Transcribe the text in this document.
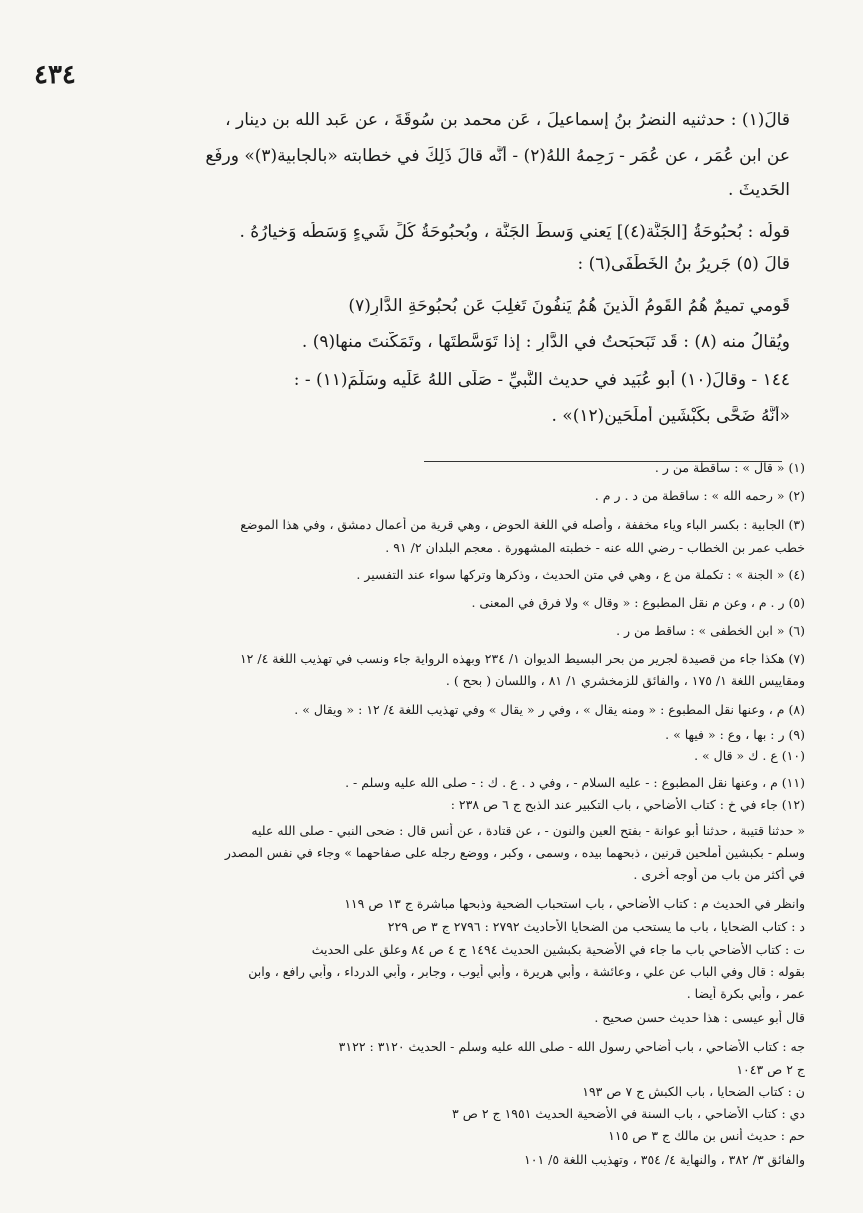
٤٣٤
قالَ(١) : حدثنيه النضرُ بنُ إسماعيلَ ، عَن محمد بن سُوقَةَ ، عن عَبد الله بن دينار ،
عن ابن عُمَر ، عن عُمَر - رَحِمهُ اللهُ(٢) - أَنَّه قالَ ذَلِكَ في خطابته «بالجابية(٣)» ورفَع
الحَديثَ .
قولُه : بُحبُوحَةُ [الجَنَّة(٤)] يَعني وَسطَ الجَنَّة ، وبُحبُوحَةُ كُلِّ شَيءٍ وَسَطُه وَخيارُهُ .
قالَ (٥) جَريرُ بنُ الخَطَفَى(٦) :
قَومي تميمٌ هُمُ القَومُ الَّذينَ هُمُ يَنفُونَ تَغلِبَ عَن بُحبُوحَةِ الدَّارِ(٧)
ويُقالُ منه (٨) : قَد تَبَحبَحتُ في الدَّارِ : إذا تَوَسَّطتَها ، وتَمَكَّنتَ منها(٩) .
١٤٤ - وقالَ(١٠) أبو عُبَيد في حديث النَّبيِّ - صَلَّى اللهُ عَلَيه وسَلَّمَ(١١) - :
«أَنَّهُ ضَحَّى بكَبْشَين أملَحَين(١٢)» .
(١) « قال » : ساقطة من ر .
(٢) « رحمه الله » : ساقطة من د . ر م .
(٣) الجابية : بكسر الباء وياء مخففة ، وأصله في اللغة الحوض ، وهي قرية من أعمال دمشق ، وفي هذا الموضع
خطب عمر بن الخطاب - رضي الله عنه - خطبته المشهورة . معجم البلدان ٢/ ٩١ .
(٤) « الجنة » : تكملة من ع ، وهي في متن الحديث ، وذكرها وتركها سواء عند التفسير .
(٥) ر . م ، وعن م نقل المطبوع : « وقال » ولا فرق في المعنى .
(٦) « ابن الخطفى » : ساقط من ر .
(٧) هكذا جاء من قصيدة لجرير من بحر البسيط الديوان ١/ ٢٣٤ وبهذه الرواية جاء ونسب في تهذيب اللغة ٤/ ١٢
ومقاييس اللغة ١/ ١٧٥ ، والفائق للزمخشري ١/ ٨١ ، واللسان ( بحح ) .
(٨) م ، وعنها نقل المطبوع : « ومنه يقال » ، وفي ر « يقال » وفي تهذيب اللغة ٤/ ١٢ : « ويقال » .
(٩) ر : بها ، وع : « فيها » .
(١٠) ع . ك « قال » .
(١١) م ، وعنها نقل المطبوع : - عليه السلام - ، وفي د . ع . ك : - صلى الله عليه وسلم - .
(١٢) جاء في خ : كتاب الأضاحي ، باب التكبير عند الذبح ج ٦ ص ٢٣٨ :
« حدثنا قتيبة ، حدثنا أبو عوانة - بفتح العين والنون - ، عن قتادة ، عن أنس قال : ضحى النبي - صلى الله عليه
وسلم - بكبشين أملحين قرنين ، ذبحهما بيده ، وسمى ، وكبر ، ووضع رجله على صفاحهما » وجاء في نفس المصدر
في أكثر من باب من أوجه أخرى .
وانظر في الحديث م : كتاب الأضاحي ، باب استحباب الضحية وذبحها مباشرة ج ١٣ ص ١١٩
د : كتاب الضحايا ، باب ما يستحب من الضحايا الأحاديث ٢٧٩٢ : ٢٧٩٦ ج ٣ ص ٢٢٩
ت : كتاب الأضاحي باب ما جاء في الأضحية بكبشين الحديث ١٤٩٤ ج ٤ ص ٨٤ وعلق على الحديث
بقوله : قال وفي الباب عن علي ، وعائشة ، وأبي هريرة ، وأبي أيوب ، وجابر ، وأبي الدرداء ، وأبي رافع ، وابن
عمر ، وأبي بكرة أيضا .
قال أبو عيسى : هذا حديث حسن صحيح .
جه : كتاب الأضاحي ، باب أضاحي رسول الله - صلى الله عليه وسلم - الحديث ٣١٢٠ : ٣١٢٢
ج ٢ ص ١٠٤٣
ن : كتاب الضحايا ، باب الكبش ج ٧ ص ١٩٣
دي : كتاب الأضاحي ، باب السنة في الأضحية الحديث ١٩٥١ ج ٢ ص ٣
حم : حديث أنس بن مالك ج ٣ ص ١١٥
والفائق ٣/ ٣٨٢ ، والنهاية ٤/ ٣٥٤ ، وتهذيب اللغة ٥/ ١٠١
